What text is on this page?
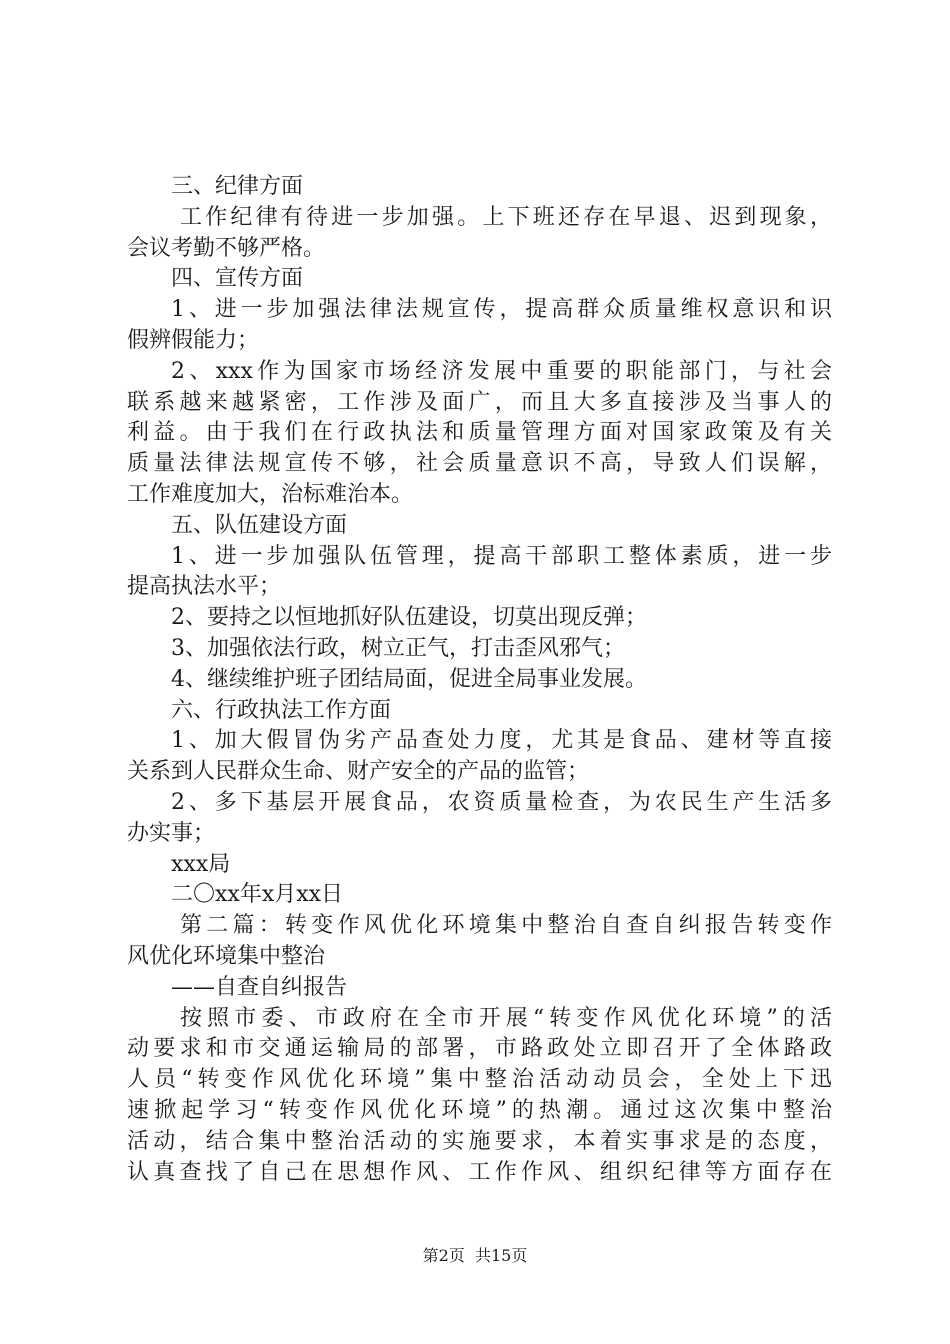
三、纪律方面
工作纪律有待进一步加强。上下班还存在早退、迟到现象，
会议考勤不够严格。
四、宣传方面
1、进一步加强法律法规宣传，提高群众质量维权意识和识
假辨假能力；
2、xxx作为国家市场经济发展中重要的职能部门，与社会
联系越来越紧密，工作涉及面广，而且大多直接涉及当事人的
利益。由于我们在行政执法和质量管理方面对国家政策及有关
质量法律法规宣传不够，社会质量意识不高，导致人们误解，
工作难度加大，治标难治本。
五、队伍建设方面
1、进一步加强队伍管理，提高干部职工整体素质，进一步
提高执法水平；
2、要持之以恒地抓好队伍建设，切莫出现反弹；
3、加强依法行政，树立正气，打击歪风邪气；
4、继续维护班子团结局面，促进全局事业发展。
六、行政执法工作方面
1、加大假冒伪劣产品查处力度，尤其是食品、建材等直接
关系到人民群众生命、财产安全的产品的监管；
2、多下基层开展食品，农资质量检查，为农民生产生活多
办实事；
xxx局
二〇xx年x月xx日
第二篇：转变作风优化环境集中整治自查自纠报告转变作
风优化环境集中整治
——自查自纠报告
按照市委、市政府在全市开展“转变作风优化环境”的活
动要求和市交通运输局的部署，市路政处立即召开了全体路政
人员“转变作风优化环境”集中整治活动动员会，全处上下迅
速掀起学习“转变作风优化环境”的热潮。通过这次集中整治
活动，结合集中整治活动的实施要求，本着实事求是的态度，
认真查找了自己在思想作风、工作作风、组织纪律等方面存在
第2页  共15页
